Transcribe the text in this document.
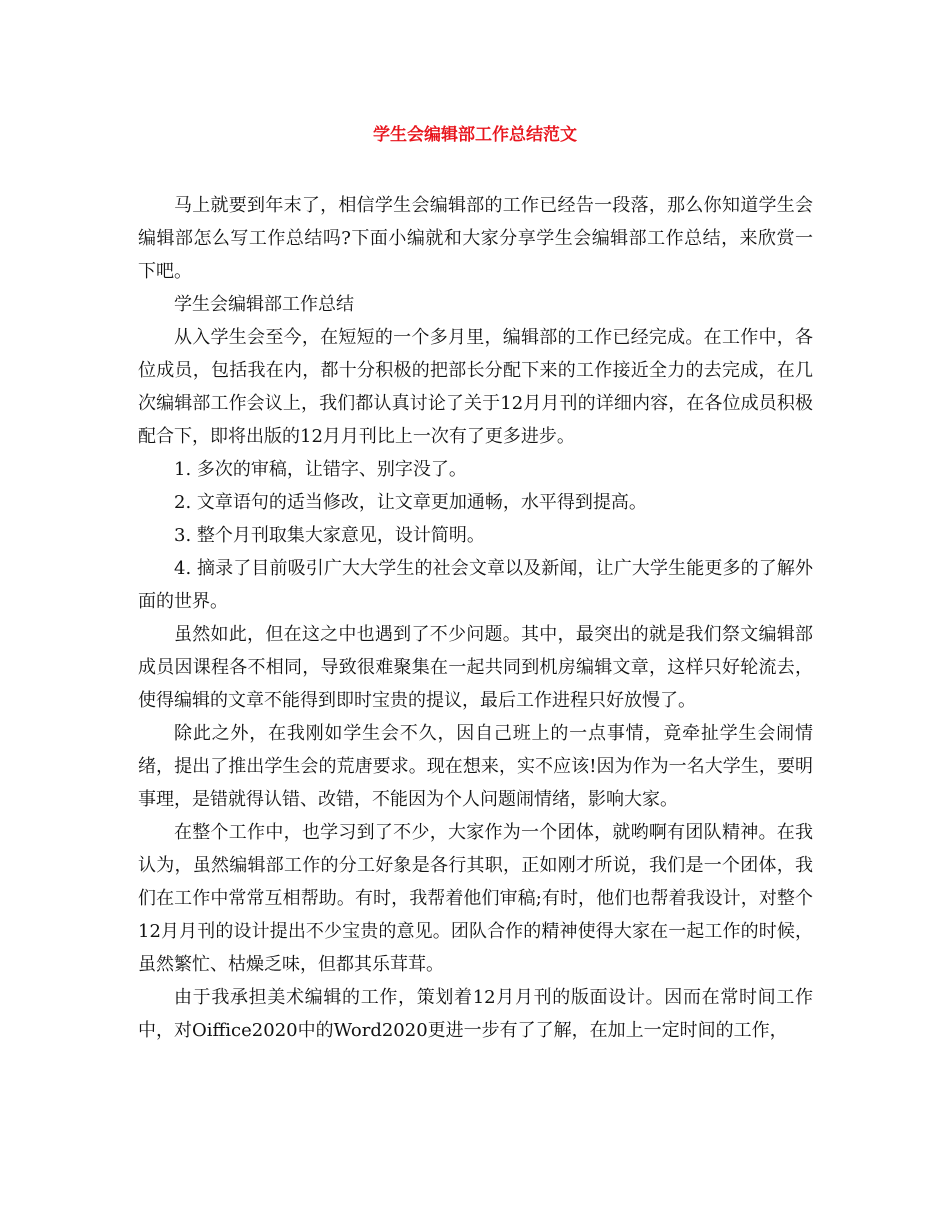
学生会编辑部工作总结范文

马上就要到年末了，相信学生会编辑部的工作已经告一段落，那么你知道学生会编辑部怎么写工作总结吗?下面小编就和大家分享学生会编辑部工作总结，来欣赏一下吧。

学生会编辑部工作总结

从入学生会至今，在短短的一个多月里，编辑部的工作已经完成。在工作中，各位成员，包括我在内，都十分积极的把部长分配下来的工作接近全力的去完成，在几次编辑部工作会议上，我们都认真讨论了关于12月月刊的详细内容，在各位成员积极配合下，即将出版的12月月刊比上一次有了更多进步。

1. 多次的审稿，让错字、别字没了。

2. 文章语句的适当修改，让文章更加通畅，水平得到提高。

3. 整个月刊取集大家意见，设计简明。

4. 摘录了目前吸引广大大学生的社会文章以及新闻，让广大学生能更多的了解外面的世界。

虽然如此，但在这之中也遇到了不少问题。其中，最突出的就是我们祭文编辑部成员因课程各不相同，导致很难聚集在一起共同到机房编辑文章，这样只好轮流去，使得编辑的文章不能得到即时宝贵的提议，最后工作进程只好放慢了。

除此之外，在我刚如学生会不久，因自己班上的一点事情，竟牵扯学生会闹情绪，提出了推出学生会的荒唐要求。现在想来，实不应该!因为作为一名大学生，要明事理，是错就得认错、改错，不能因为个人问题闹情绪，影响大家。

在整个工作中，也学习到了不少，大家作为一个团体，就哟啊有团队精神。在我认为，虽然编辑部工作的分工好象是各行其职，正如刚才所说，我们是一个团体，我们在工作中常常互相帮助。有时，我帮着他们审稿;有时，他们也帮着我设计，对整个12月月刊的设计提出不少宝贵的意见。团队合作的精神使得大家在一起工作的时候，虽然繁忙、枯燥乏味，但都其乐茸茸。

由于我承担美术编辑的工作，策划着12月月刊的版面设计。因而在常时间工作中，对Oiffice2020中的Word2020更进一步有了了解，在加上一定时间的工作，
